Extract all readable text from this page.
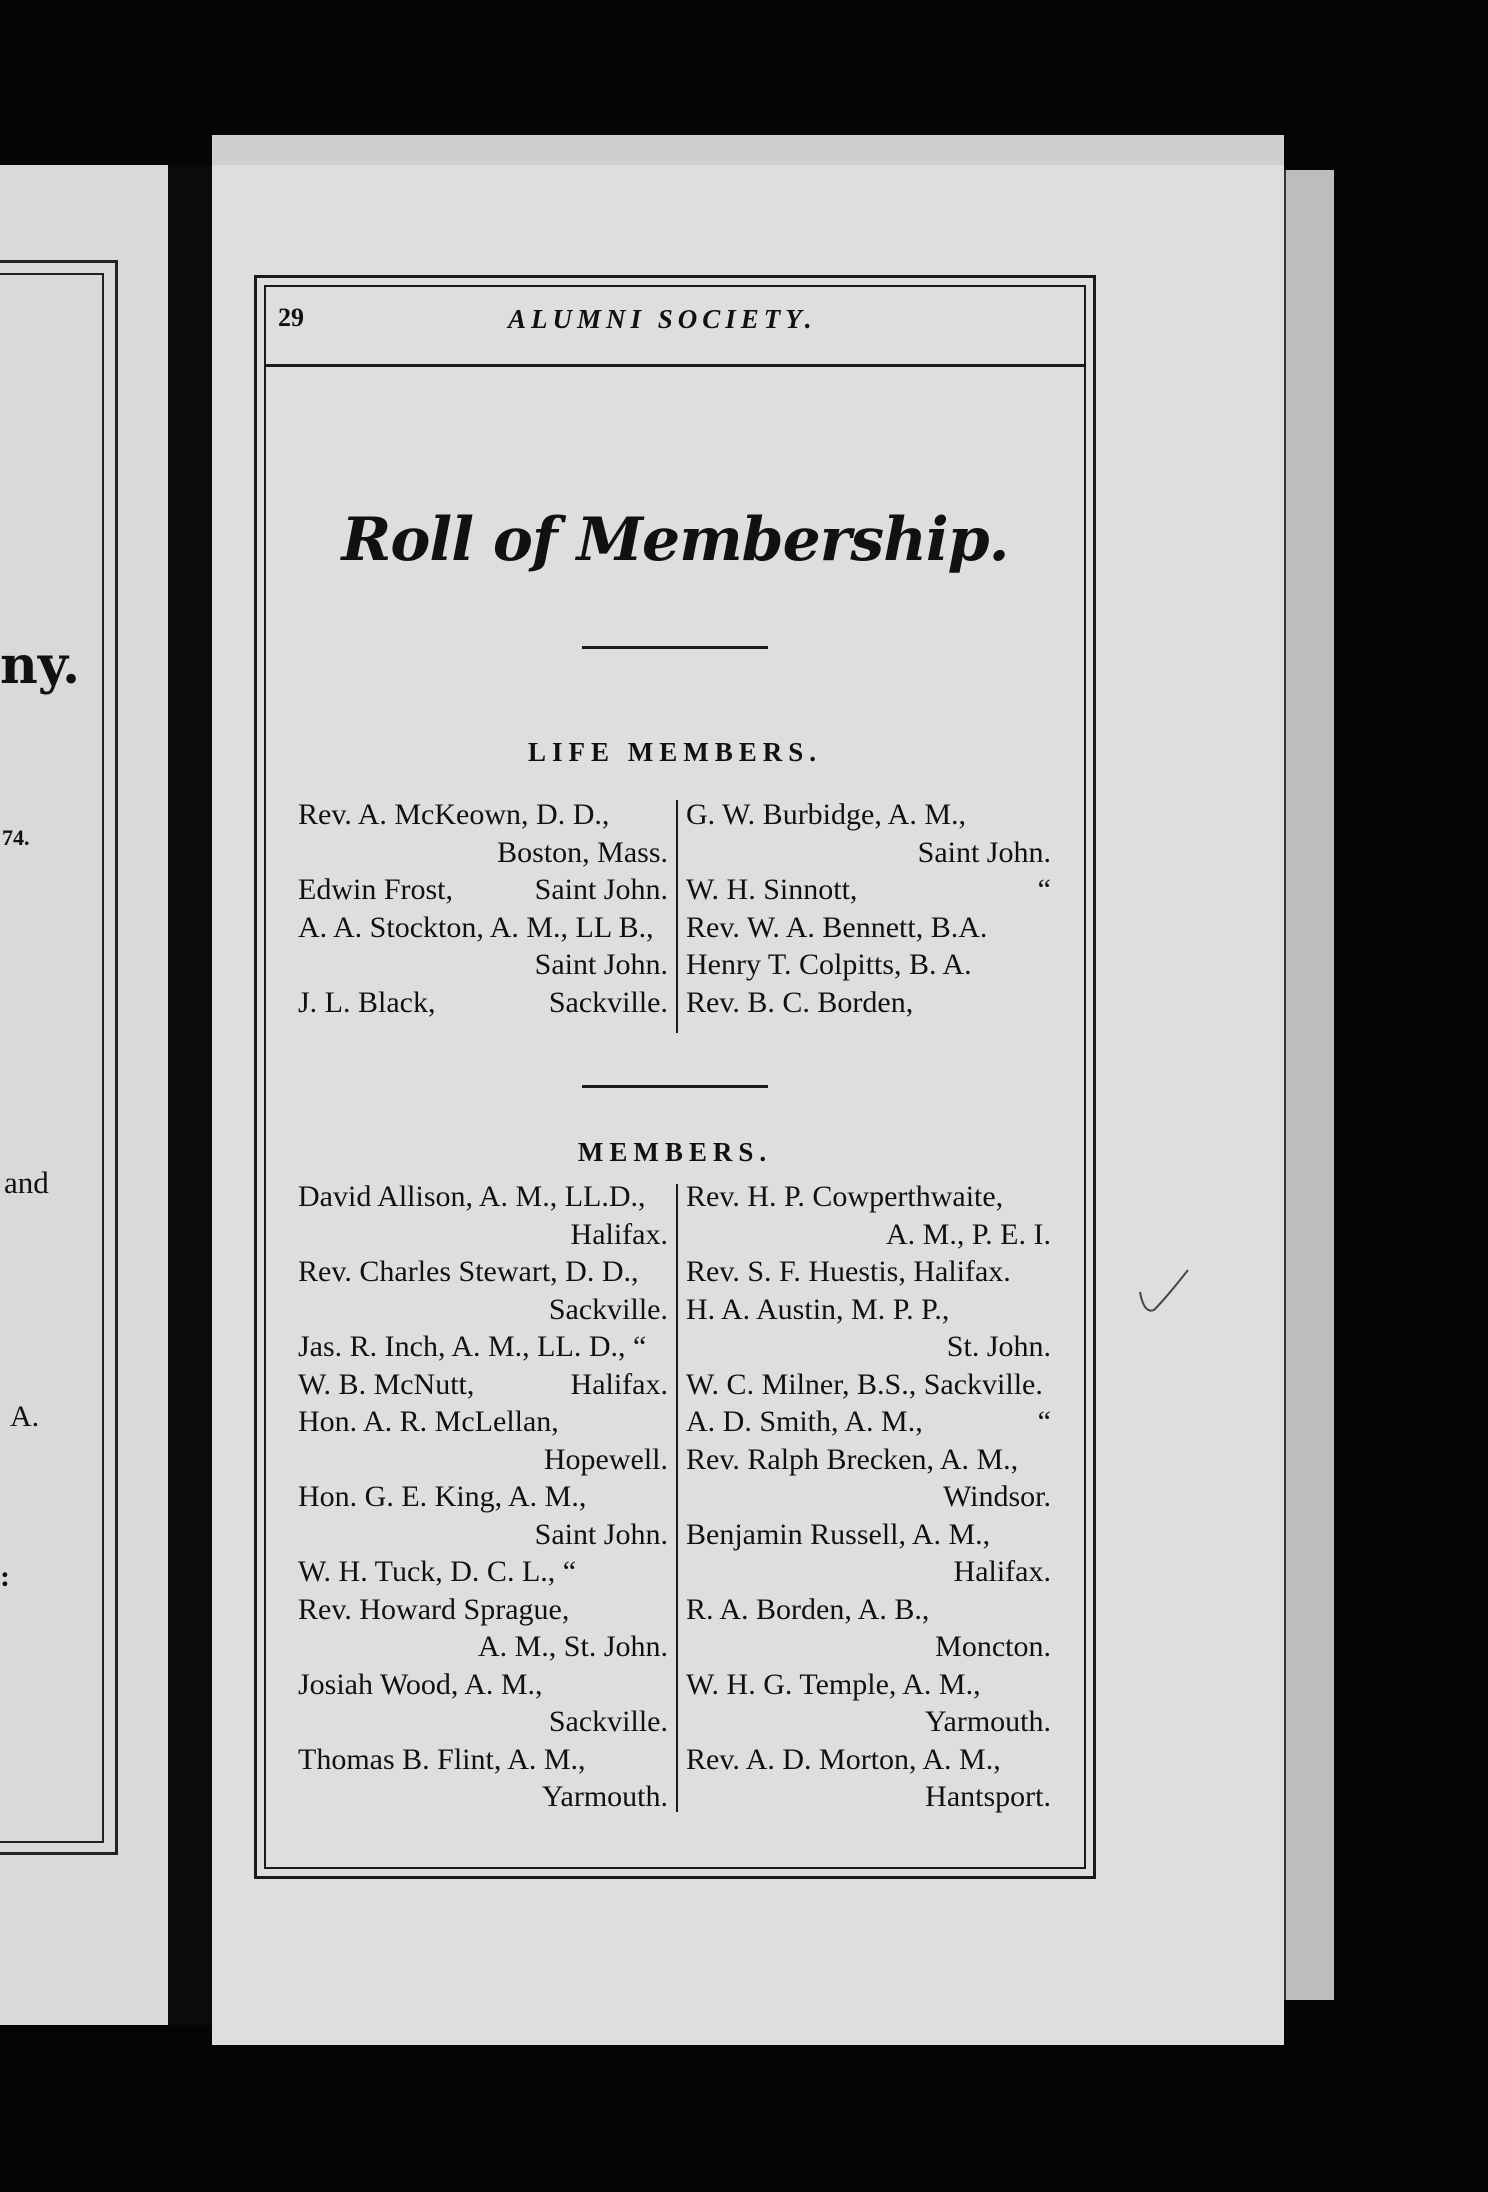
ny.
74.
and
A.
:
29	ALUMNI SOCIETY.
Roll of Membership.
LIFE MEMBERS.
Rev. A. McKeown, D. D.,
Boston, Mass.
Edwin Frost,	Saint John.
A. A. Stockton, A. M., LL B.,
Saint John.
J. L. Black,	Sackville.
G. W. Burbidge, A. M.,
Saint John.
W. H. Sinnott,	“
Rev. W. A. Bennett, B.A.
Henry T. Colpitts, B. A.
Rev. B. C. Borden,
MEMBERS.
David Allison, A. M., LL.D.,
Halifax.
Rev. Charles Stewart, D. D.,
Sackville.
Jas. R. Inch, A. M., LL. D., “
W. B. McNutt,	Halifax.
Hon. A. R. McLellan,
Hopewell.
Hon. G. E. King, A. M.,
Saint John.
W. H. Tuck, D. C. L., “
Rev. Howard Sprague,
A. M., St. John.
Josiah Wood, A. M.,
Sackville.
Thomas B. Flint, A. M.,
Yarmouth.
Rev. H. P. Cowperthwaite,
A. M., P. E. I.
Rev. S. F. Huestis, Halifax.
H. A. Austin, M. P. P.,
St. John.
W. C. Milner, B.S., Sackville.
A. D. Smith, A. M.,	“
Rev. Ralph Brecken, A. M.,
Windsor.
Benjamin Russell, A. M.,
Halifax.
R. A. Borden, A. B.,
Moncton.
W. H. G. Temple, A. M.,
Yarmouth.
Rev. A. D. Morton, A. M.,
Hantsport.
